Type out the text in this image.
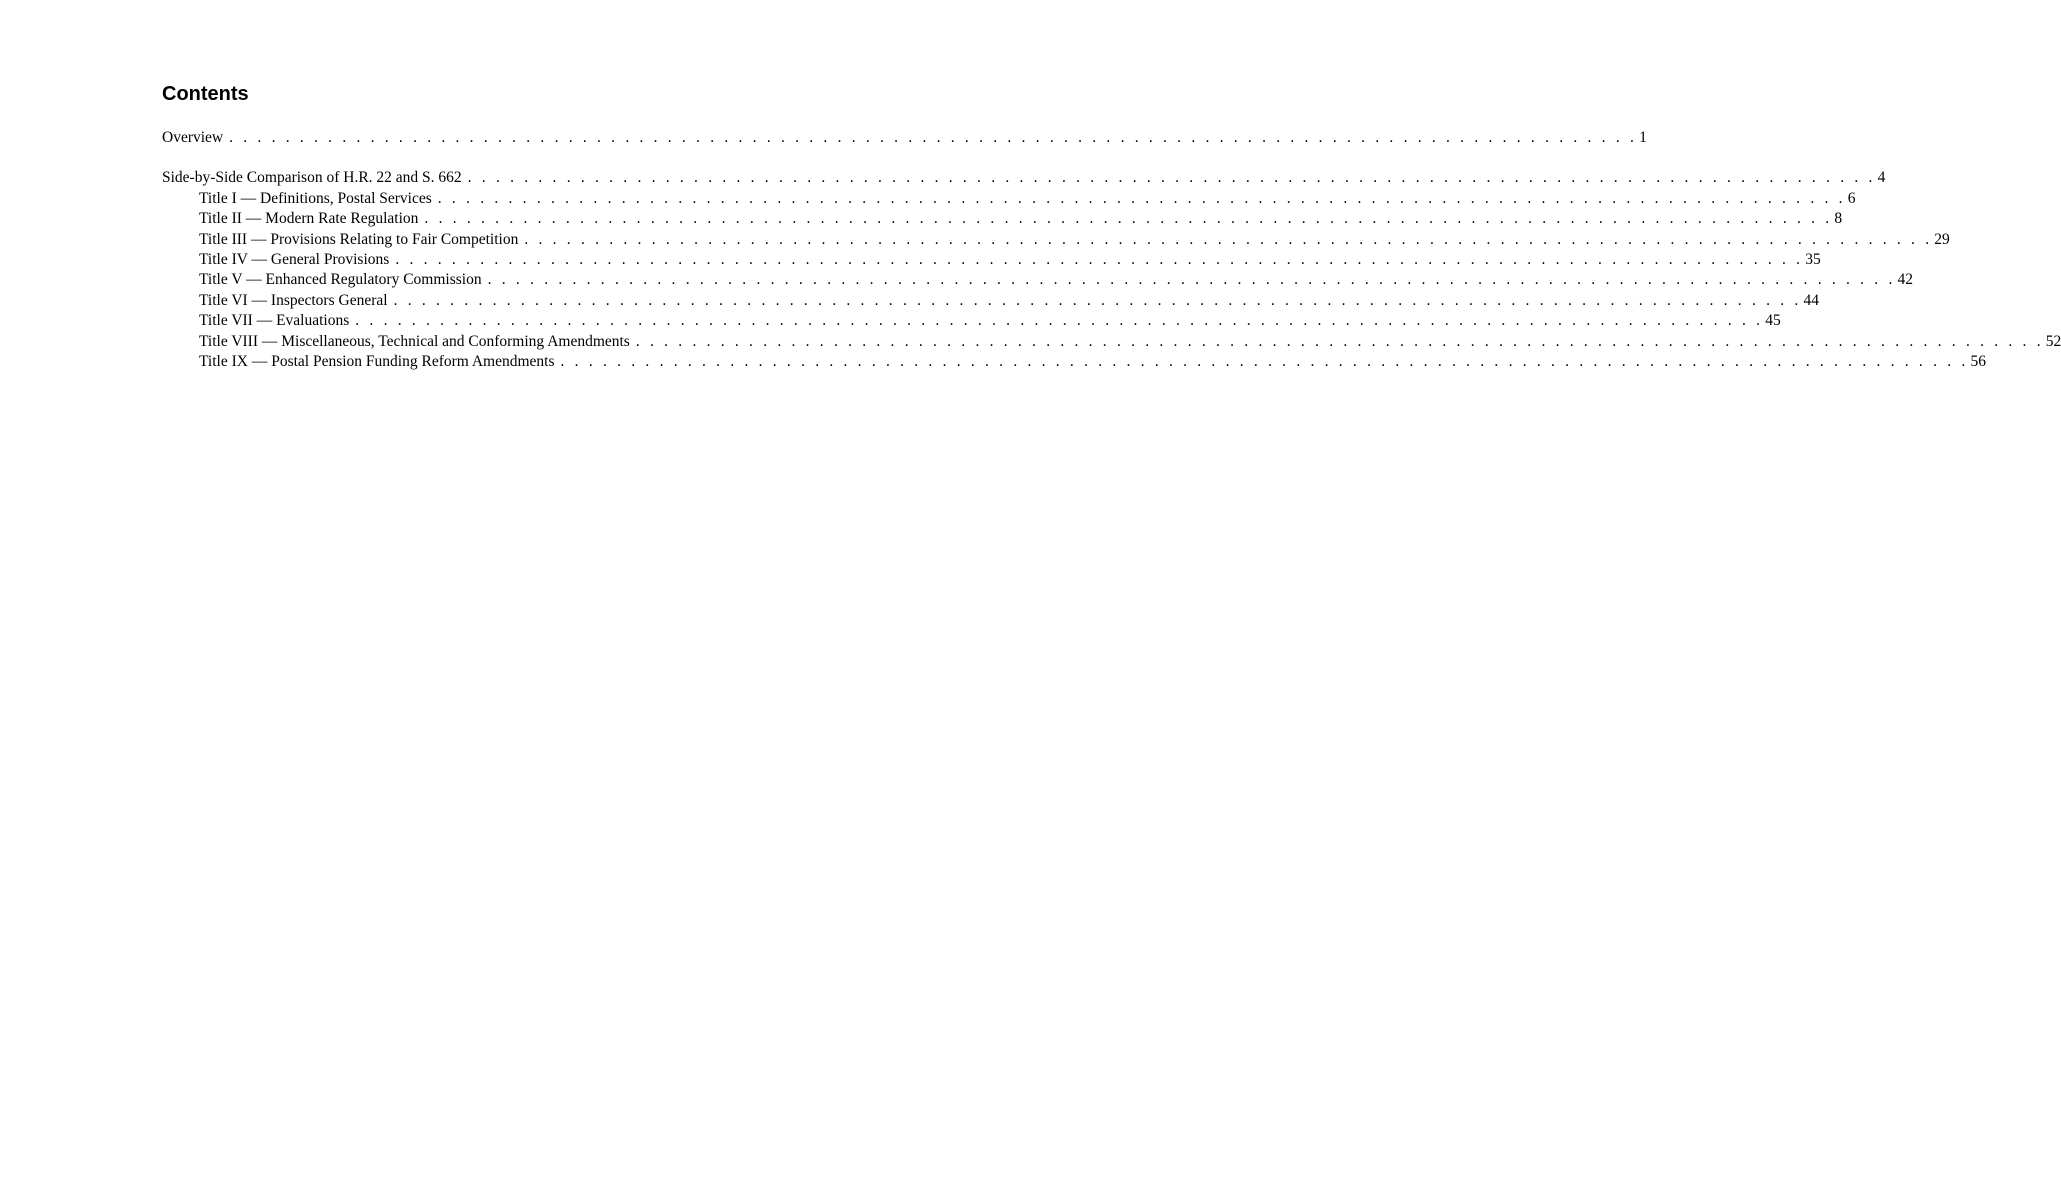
Contents
Overview . . . . . . . . . . . . . . . . . . . . . . . . . . . . . . . . . . . . . . . . . . . . . . . . . . . . . . . . . . . . . . . . . . . . . . . . . . . . . . . . . . . . . . . . . . . . . . . . . . . . 1
Side-by-Side Comparison of H.R. 22 and S. 662 . . . . . . . . . . . . . . . . . . . . . . . . . . . . . . . . . . . . . . . . . . . . . . . . . . . . . . . . . . . . . . . . . . . . . . . . . . . . . . . . . . . . . . . . . . . . . . . . . . . . 4
Title I — Definitions, Postal Services . . . . . . . . . . . . . . . . . . . . . . . . . . . . . . . . . . . . . . . . . . . . . . . . . . . . . . . . . . . . . . . . . . . . . . . . . . . . . . . . . . . . . . . . . . . . . . . . . . . . 6
Title II — Modern Rate Regulation . . . . . . . . . . . . . . . . . . . . . . . . . . . . . . . . . . . . . . . . . . . . . . . . . . . . . . . . . . . . . . . . . . . . . . . . . . . . . . . . . . . . . . . . . . . . . . . . . . . . 8
Title III — Provisions Relating to Fair Competition . . . . . . . . . . . . . . . . . . . . . . . . . . . . . . . . . . . . . . . . . . . . . . . . . . . . . . . . . . . . . . . . . . . . . . . . . . . . . . . . . . . . . . . . . . . . . . . . . . . . 29
Title IV — General Provisions . . . . . . . . . . . . . . . . . . . . . . . . . . . . . . . . . . . . . . . . . . . . . . . . . . . . . . . . . . . . . . . . . . . . . . . . . . . . . . . . . . . . . . . . . . . . . . . . . . . . 35
Title V — Enhanced Regulatory Commission . . . . . . . . . . . . . . . . . . . . . . . . . . . . . . . . . . . . . . . . . . . . . . . . . . . . . . . . . . . . . . . . . . . . . . . . . . . . . . . . . . . . . . . . . . . . . . . . . . . . 42
Title VI — Inspectors General . . . . . . . . . . . . . . . . . . . . . . . . . . . . . . . . . . . . . . . . . . . . . . . . . . . . . . . . . . . . . . . . . . . . . . . . . . . . . . . . . . . . . . . . . . . . . . . . . . . . 44
Title VII — Evaluations . . . . . . . . . . . . . . . . . . . . . . . . . . . . . . . . . . . . . . . . . . . . . . . . . . . . . . . . . . . . . . . . . . . . . . . . . . . . . . . . . . . . . . . . . . . . . . . . . . . . 45
Title VIII — Miscellaneous, Technical and Conforming Amendments . . . . . . . . . . . . . . . . . . . . . . . . . . . . . . . . . . . . . . . . . . . . . . . . . . . . . . . . . . . . . . . . . . . . . . . . . . . . . . . . . . . . . . . . . . . . . . . . . . . . 52
Title IX — Postal Pension Funding Reform Amendments . . . . . . . . . . . . . . . . . . . . . . . . . . . . . . . . . . . . . . . . . . . . . . . . . . . . . . . . . . . . . . . . . . . . . . . . . . . . . . . . . . . . . . . . . . . . . . . . . . . . 56
